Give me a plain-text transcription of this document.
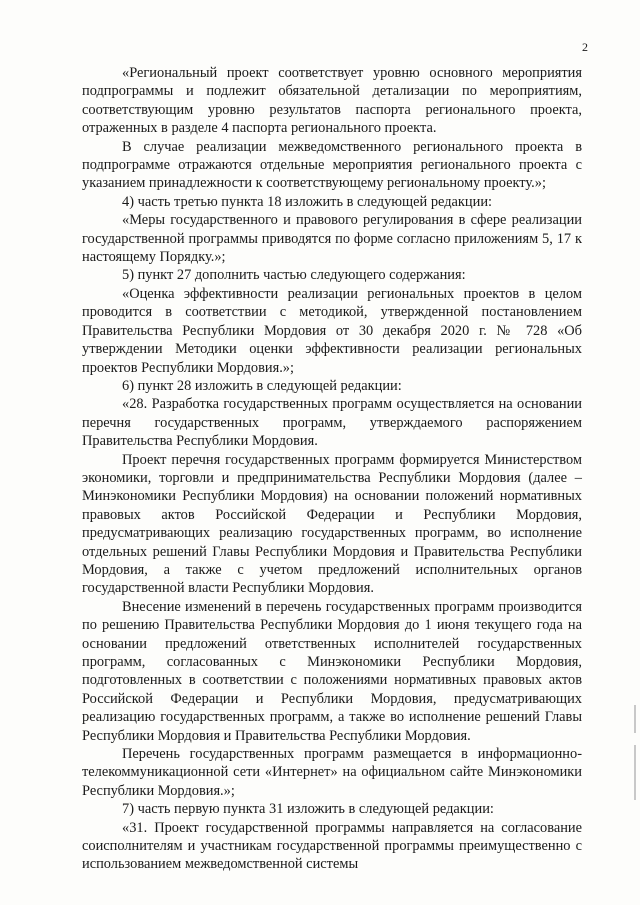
2

«Региональный проект соответствует уровню основного мероприятия подпрограммы и подлежит обязательной детализации по мероприятиям, соответствующим уровню результатов паспорта регионального проекта, отраженных в разделе 4 паспорта регионального проекта.

В случае реализации межведомственного регионального проекта в подпрограмме отражаются отдельные мероприятия регионального проекта с указанием принадлежности к соответствующему региональному проекту.»;

4) часть третью пункта 18 изложить в следующей редакции:

«Меры государственного и правового регулирования в сфере реализации государственной программы приводятся по форме согласно приложениям 5, 17 к настоящему Порядку.»;

5) пункт 27 дополнить частью следующего содержания:

«Оценка эффективности реализации региональных проектов в целом проводится в соответствии с методикой, утвержденной постановлением Правительства Республики Мордовия от 30 декабря 2020 г. № 728 «Об утверждении Методики оценки эффективности реализации региональных проектов Республики Мордовия.»;

6) пункт 28 изложить в следующей редакции:

«28. Разработка государственных программ осуществляется на основании перечня государственных программ, утверждаемого распоряжением Правительства Республики Мордовия.

Проект перечня государственных программ формируется Министерством экономики, торговли и предпринимательства Республики Мордовия (далее – Минэкономики Республики Мордовия) на основании положений нормативных правовых актов Российской Федерации и Республики Мордовия, предусматривающих реализацию государственных программ, во исполнение отдельных решений Главы Республики Мордовия и Правительства Республики Мордовия, а также с учетом предложений исполнительных органов государственной власти Республики Мордовия.

Внесение изменений в перечень государственных программ производится по решению Правительства Республики Мордовия до 1 июня текущего года на основании предложений ответственных исполнителей государственных программ, согласованных с Минэкономики Республики Мордовия, подготовленных в соответствии с положениями нормативных правовых актов Российской Федерации и Республики Мордовия, предусматривающих реализацию государственных программ, а также во исполнение решений Главы Республики Мордовия и Правительства Республики Мордовия.

Перечень государственных программ размещается в информационно-телекоммуникационной сети «Интернет» на официальном сайте Минэкономики Республики Мордовия.»;

7) часть первую пункта 31 изложить в следующей редакции:

«31. Проект государственной программы направляется на согласование соисполнителям и участникам государственной программы преимущественно с использованием межведомственной системы
